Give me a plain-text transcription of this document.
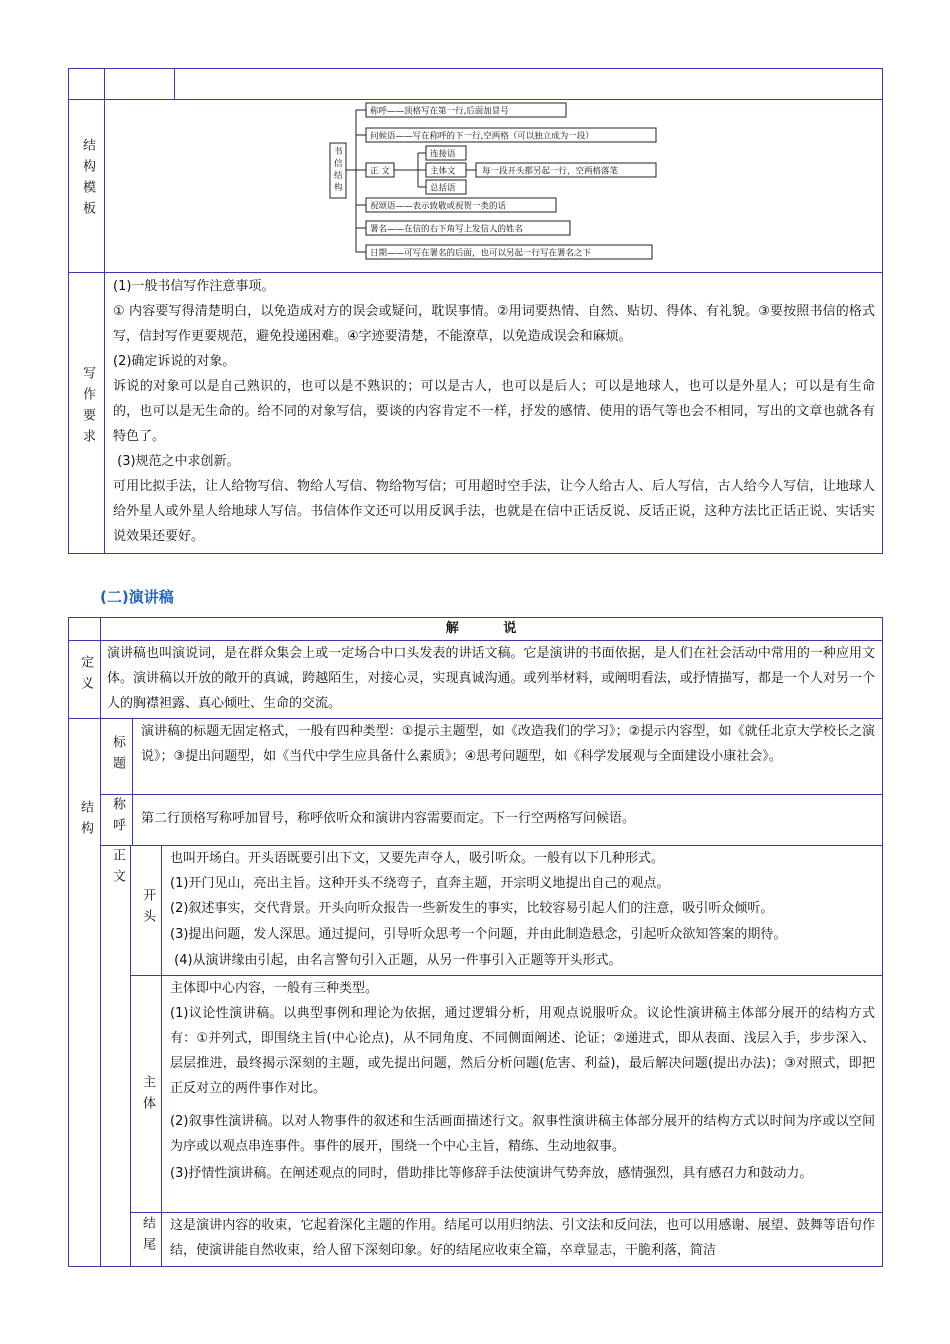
结构模板
写作要求
书
信
结
构
称呼——顶格写在第一行,后面加冒号
问候语——写在称呼的下一行,空两格（可以独立成为一段）
正 文
连接语
主体文
总括语
每一段开头都另起一行，空两格落笔
祝颂语——表示致敬或祝贺一类的话
署名——在信的右下角写上发信人的姓名
日期——可写在署名的后面，也可以另起一行写在署名之下
(1)一般书信写作注意事项。
① 内容要写得清楚明白，以免造成对方的误会或疑问，耽误事情。②用词要热情、自然、贴切、得体、有礼貌。③要按照书信的格式写，信封写作更要规范，避免投递困难。④字迹要清楚，不能潦草，以免造成误会和麻烦。
(2)确定诉说的对象。
诉说的对象可以是自己熟识的，也可以是不熟识的；可以是古人，也可以是后人；可以是地球人，也可以是外星人；可以是有生命的，也可以是无生命的。给不同的对象写信，要谈的内容肯定不一样，抒发的感情、使用的语气等也会不相同，写出的文章也就各有特色了。
(3)规范之中求创新。
可用比拟手法，让人给物写信、物给人写信、物给物写信；可用超时空手法，让今人给古人、后人写信，古人给今人写信，让地球人给外星人或外星人给地球人写信。书信体作文还可以用反讽手法，也就是在信中正话反说、反话正说，这种方法比正话正说、实话实说效果还要好。
(二)演讲稿
解 说
定义
演讲稿也叫演说词，是在群众集会上或一定场合中口头发表的讲话文稿。它是演讲的书面依据，是人们在社会活动中常用的一种应用文体。演讲稿以开放的敞开的真诚，跨越陌生，对接心灵，实现真诚沟通。或列举材料，或阐明看法，或抒情描写，都是一个人对另一个人的胸襟袒露、真心倾吐、生命的交流。
结构
标题
演讲稿的标题无固定格式，一般有四种类型：①提示主题型，如《改造我们的学习》；②提示内容型，如《就任北京大学校长之演说》；③提出问题型，如《当代中学生应具备什么素质》；④思考问题型，如《科学发展观与全面建设小康社会》。
称呼 第二行顶格写称呼加冒号，称呼依听众和演讲内容需要而定。下一行空两格写问候语。
正文
开头
也叫开场白。开头语既要引出下文，又要先声夺人，吸引听众。一般有以下几种形式。
(1)开门见山，亮出主旨。这种开头不绕弯子，直奔主题，开宗明义地提出自己的观点。
(2)叙述事实，交代背景。开头向听众报告一些新发生的事实，比较容易引起人们的注意，吸引听众倾听。
(3)提出问题，发人深思。通过提问，引导听众思考一个问题，并由此制造悬念，引起听众欲知答案的期待。
(4)从演讲缘由引起，由名言警句引入正题，从另一件事引入正题等开头形式。
主体
主体即中心内容，一般有三种类型。
(1)议论性演讲稿。以典型事例和理论为依据，通过逻辑分析，用观点说服听众。议论性演讲稿主体部分展开的结构方式有：①并列式，即围绕主旨(中心论点)，从不同角度、不同侧面阐述、论证；②递进式，即从表面、浅层入手，步步深入、层层推进，最终揭示深刻的主题，或先提出问题，然后分析问题(危害、利益)，最后解决问题(提出办法)；③对照式，即把正反对立的两件事作对比。
(2)叙事性演讲稿。以对人物事件的叙述和生活画面描述行文。叙事性演讲稿主体部分展开的结构方式以时间为序或以空间为序或以观点串连事件。事件的展开，围绕一个中心主旨，精练、生动地叙事。
(3)抒情性演讲稿。在阐述观点的同时，借助排比等修辞手法使演讲气势奔放，感情强烈，具有感召力和鼓动力。
结尾 这是演讲内容的收束，它起着深化主题的作用。结尾可以用归纳法、引文法和反问法，也可以用感谢、展望、鼓舞等语句作结，使演讲能自然收束，给人留下深刻印象。好的结尾应收束全篇，卒章显志，干脆利落，简洁
